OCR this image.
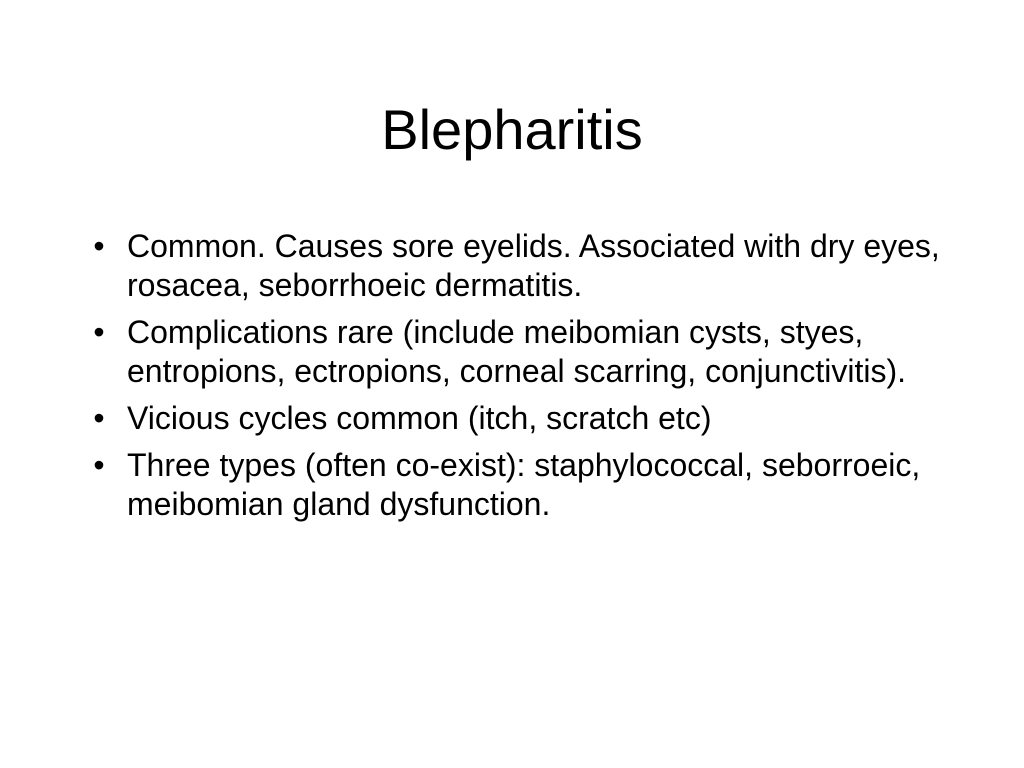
Blepharitis
• Common. Causes sore eyelids. Associated with dry eyes, rosacea, seborrhoeic dermatitis.
• Complications rare (include meibomian cysts, styes, entropions, ectropions, corneal scarring, conjunctivitis).
• Vicious cycles common (itch, scratch etc)
• Three types (often co-exist): staphylococcal, seborroeic, meibomian gland dysfunction.
